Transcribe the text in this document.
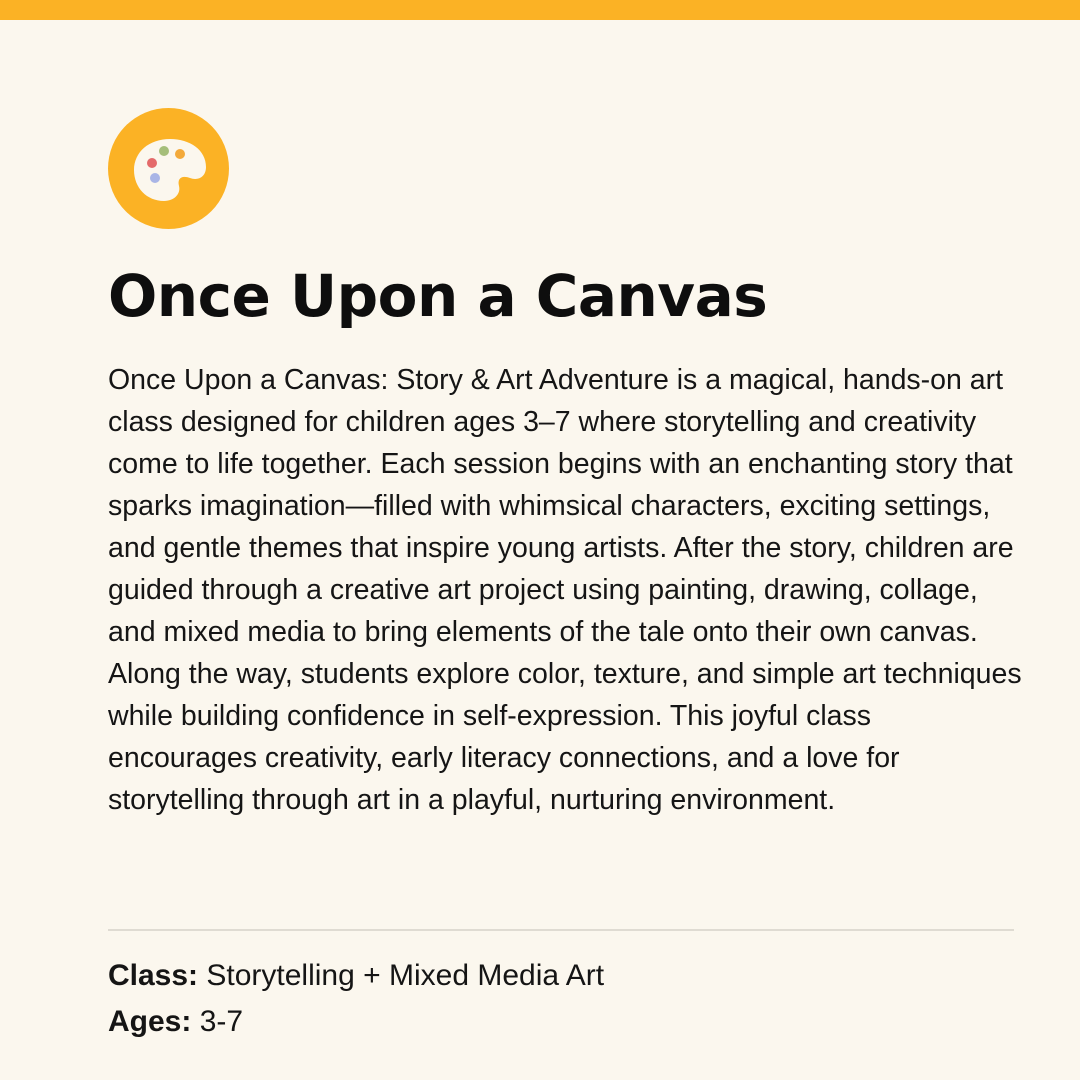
Once Upon a Canvas

Once Upon a Canvas: Story & Art Adventure is a magical, hands-on art class designed for children ages 3–7 where storytelling and creativity come to life together. Each session begins with an enchanting story that sparks imagination—filled with whimsical characters, exciting settings, and gentle themes that inspire young artists. After the story, children are guided through a creative art project using painting, drawing, collage, and mixed media to bring elements of the tale onto their own canvas. Along the way, students explore color, texture, and simple art techniques while building confidence in self-expression. This joyful class encourages creativity, early literacy connections, and a love for storytelling through art in a playful, nurturing environment.

Class: Storytelling + Mixed Media Art
Ages: 3-7
